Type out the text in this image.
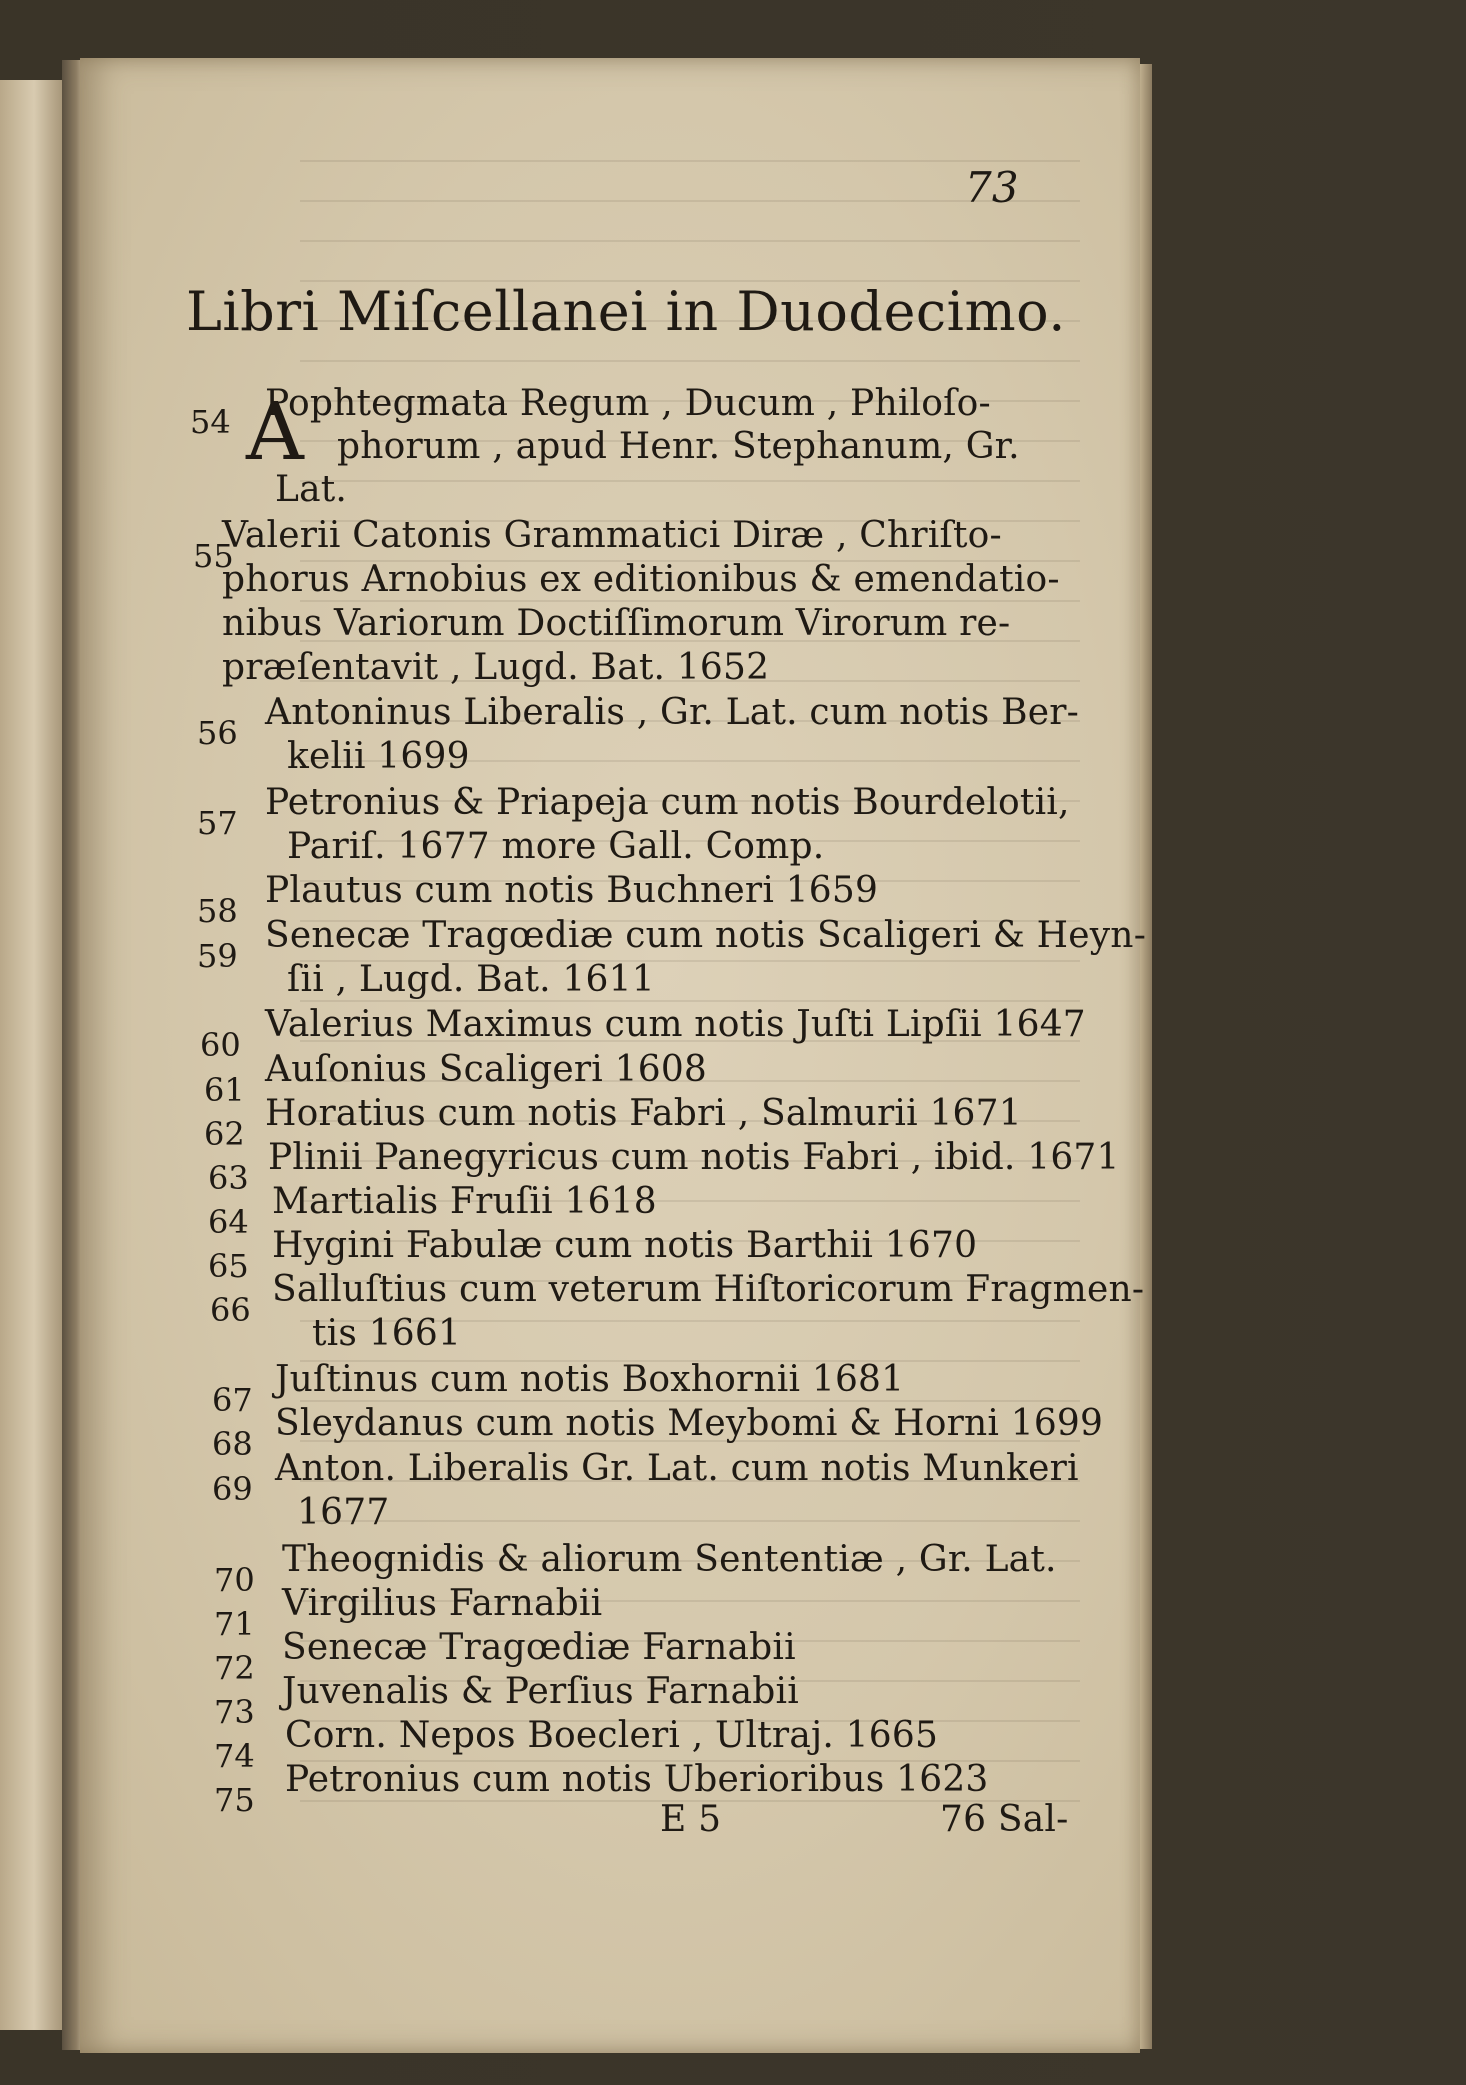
73
Libri Miſcellanei in Duodecimo.
54 A
Pophtegmata Regum , Ducum , Philoſo-
phorum , apud Henr. Stephanum, Gr.
Lat.
55
Valerii Catonis Grammatici Diræ , Chriſto-
phorus Arnobius ex editionibus & emendatio-
nibus Variorum Doctiſſimorum Virorum re-
præſentavit , Lugd. Bat. 1652
56 Antoninus Liberalis , Gr. Lat. cum notis Ber-
kelii 1699
57 Petronius & Priapeja cum notis Bourdelotii,
Pariſ. 1677 more Gall. Comp.
58 Plautus cum notis Buchneri 1659
59 Senecæ Tragœdiæ cum notis Scaligeri & Heyn-
ſii , Lugd. Bat. 1611
60 Valerius Maximus cum notis Juſti Lipſii 1647
61 Auſonius Scaligeri 1608
62 Horatius cum notis Fabri , Salmurii 1671
63 Plinii Panegyricus cum notis Fabri , ibid. 1671
64 Martialis Fruſii 1618
65 Hygini Fabulæ cum notis Barthii 1670
66 Salluſtius cum veterum Hiſtoricorum Fragmen-
tis 1661
67 Juſtinus cum notis Boxhornii 1681
68 Sleydanus cum notis Meybomi & Horni 1699
69 Anton. Liberalis Gr. Lat. cum notis Munkeri
1677
70 Theognidis & aliorum Sententiæ , Gr. Lat.
71 Virgilius Farnabii
72 Senecæ Tragœdiæ Farnabii
73 Juvenalis & Perſius Farnabii
74 Corn. Nepos Boecleri , Ultraj. 1665
75 Petronius cum notis Uberioribus 1623
E 5	76 Sal-
